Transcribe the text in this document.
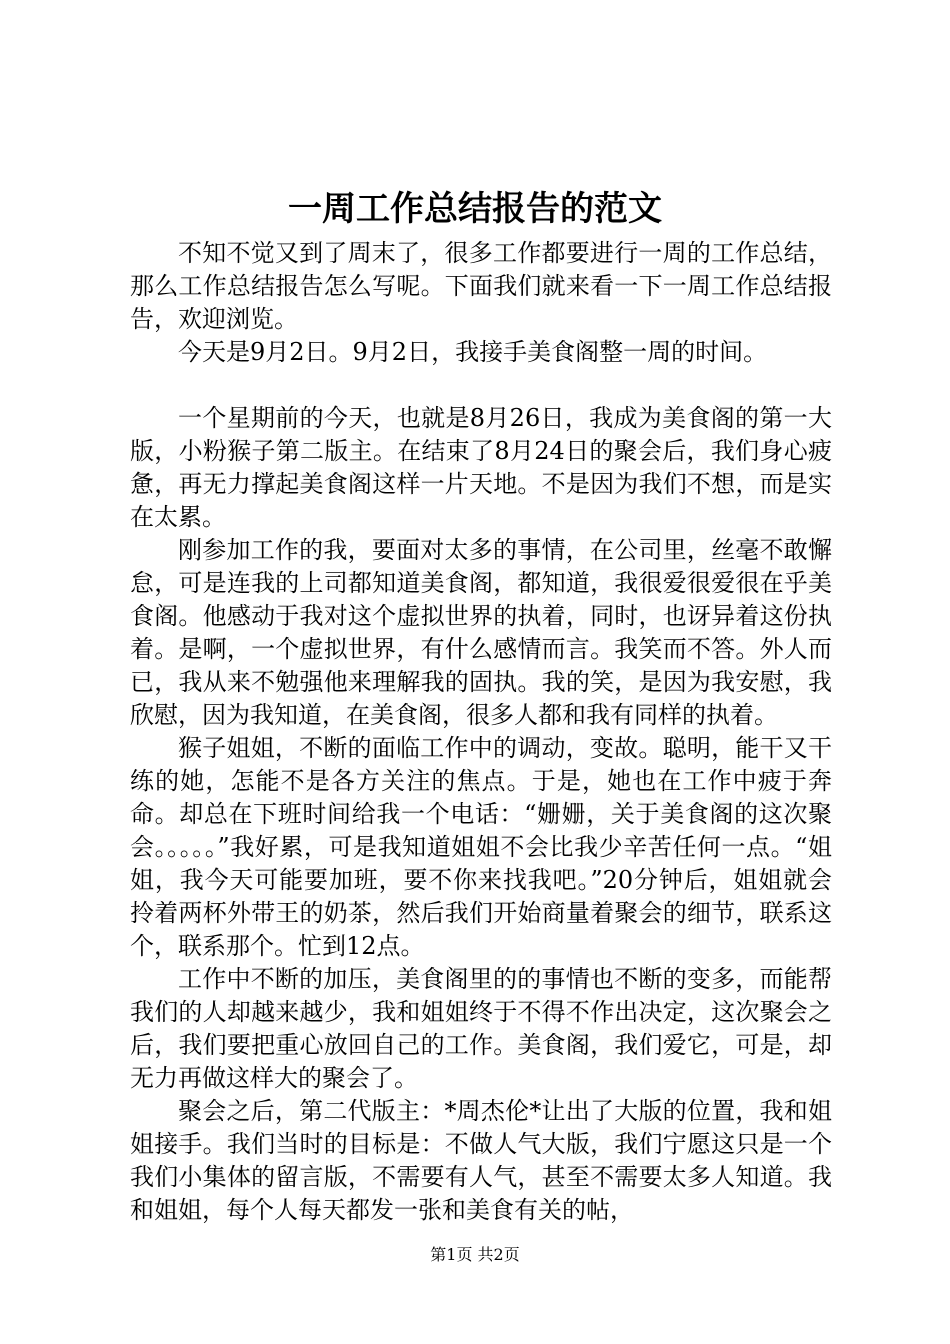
一周工作总结报告的范文

不知不觉又到了周末了，很多工作都要进行一周的工作总结，那么工作总结报告怎么写呢。下面我们就来看一下一周工作总结报告，欢迎浏览。

今天是9月2日。9月2日，我接手美食阁整一周的时间。

一个星期前的今天，也就是8月26日，我成为美食阁的第一大版，小粉猴子第二版主。在结束了8月24日的聚会后，我们身心疲惫，再无力撑起美食阁这样一片天地。不是因为我们不想，而是实在太累。

刚参加工作的我，要面对太多的事情，在公司里，丝毫不敢懈怠，可是连我的上司都知道美食阁，都知道，我很爱很爱很在乎美食阁。他感动于我对这个虚拟世界的执着，同时，也讶异着这份执着。是啊，一个虚拟世界，有什么感情而言。我笑而不答。外人而已，我从来不勉强他来理解我的固执。我的笑，是因为我安慰，我欣慰，因为我知道，在美食阁，很多人都和我有同样的执着。

猴子姐姐，不断的面临工作中的调动，变故。聪明，能干又干练的她，怎能不是各方关注的焦点。于是，她也在工作中疲于奔命。却总在下班时间给我一个电话：“姗姗，关于美食阁的这次聚会。。。。。”我好累，可是我知道姐姐不会比我少辛苦任何一点。“姐姐，我今天可能要加班，要不你来找我吧。”20分钟后，姐姐就会拎着两杯外带王的奶茶，然后我们开始商量着聚会的细节，联系这个，联系那个。忙到12点。

工作中不断的加压，美食阁里的的事情也不断的变多，而能帮我们的人却越来越少，我和姐姐终于不得不作出决定，这次聚会之后，我们要把重心放回自己的工作。美食阁，我们爱它，可是，却无力再做这样大的聚会了。

聚会之后，第二代版主：*周杰伦*让出了大版的位置，我和姐姐接手。我们当时的目标是：不做人气大版，我们宁愿这只是一个我们小集体的留言版，不需要有人气，甚至不需要太多人知道。我和姐姐，每个人每天都发一张和美食有关的帖，

第1页 共2页
